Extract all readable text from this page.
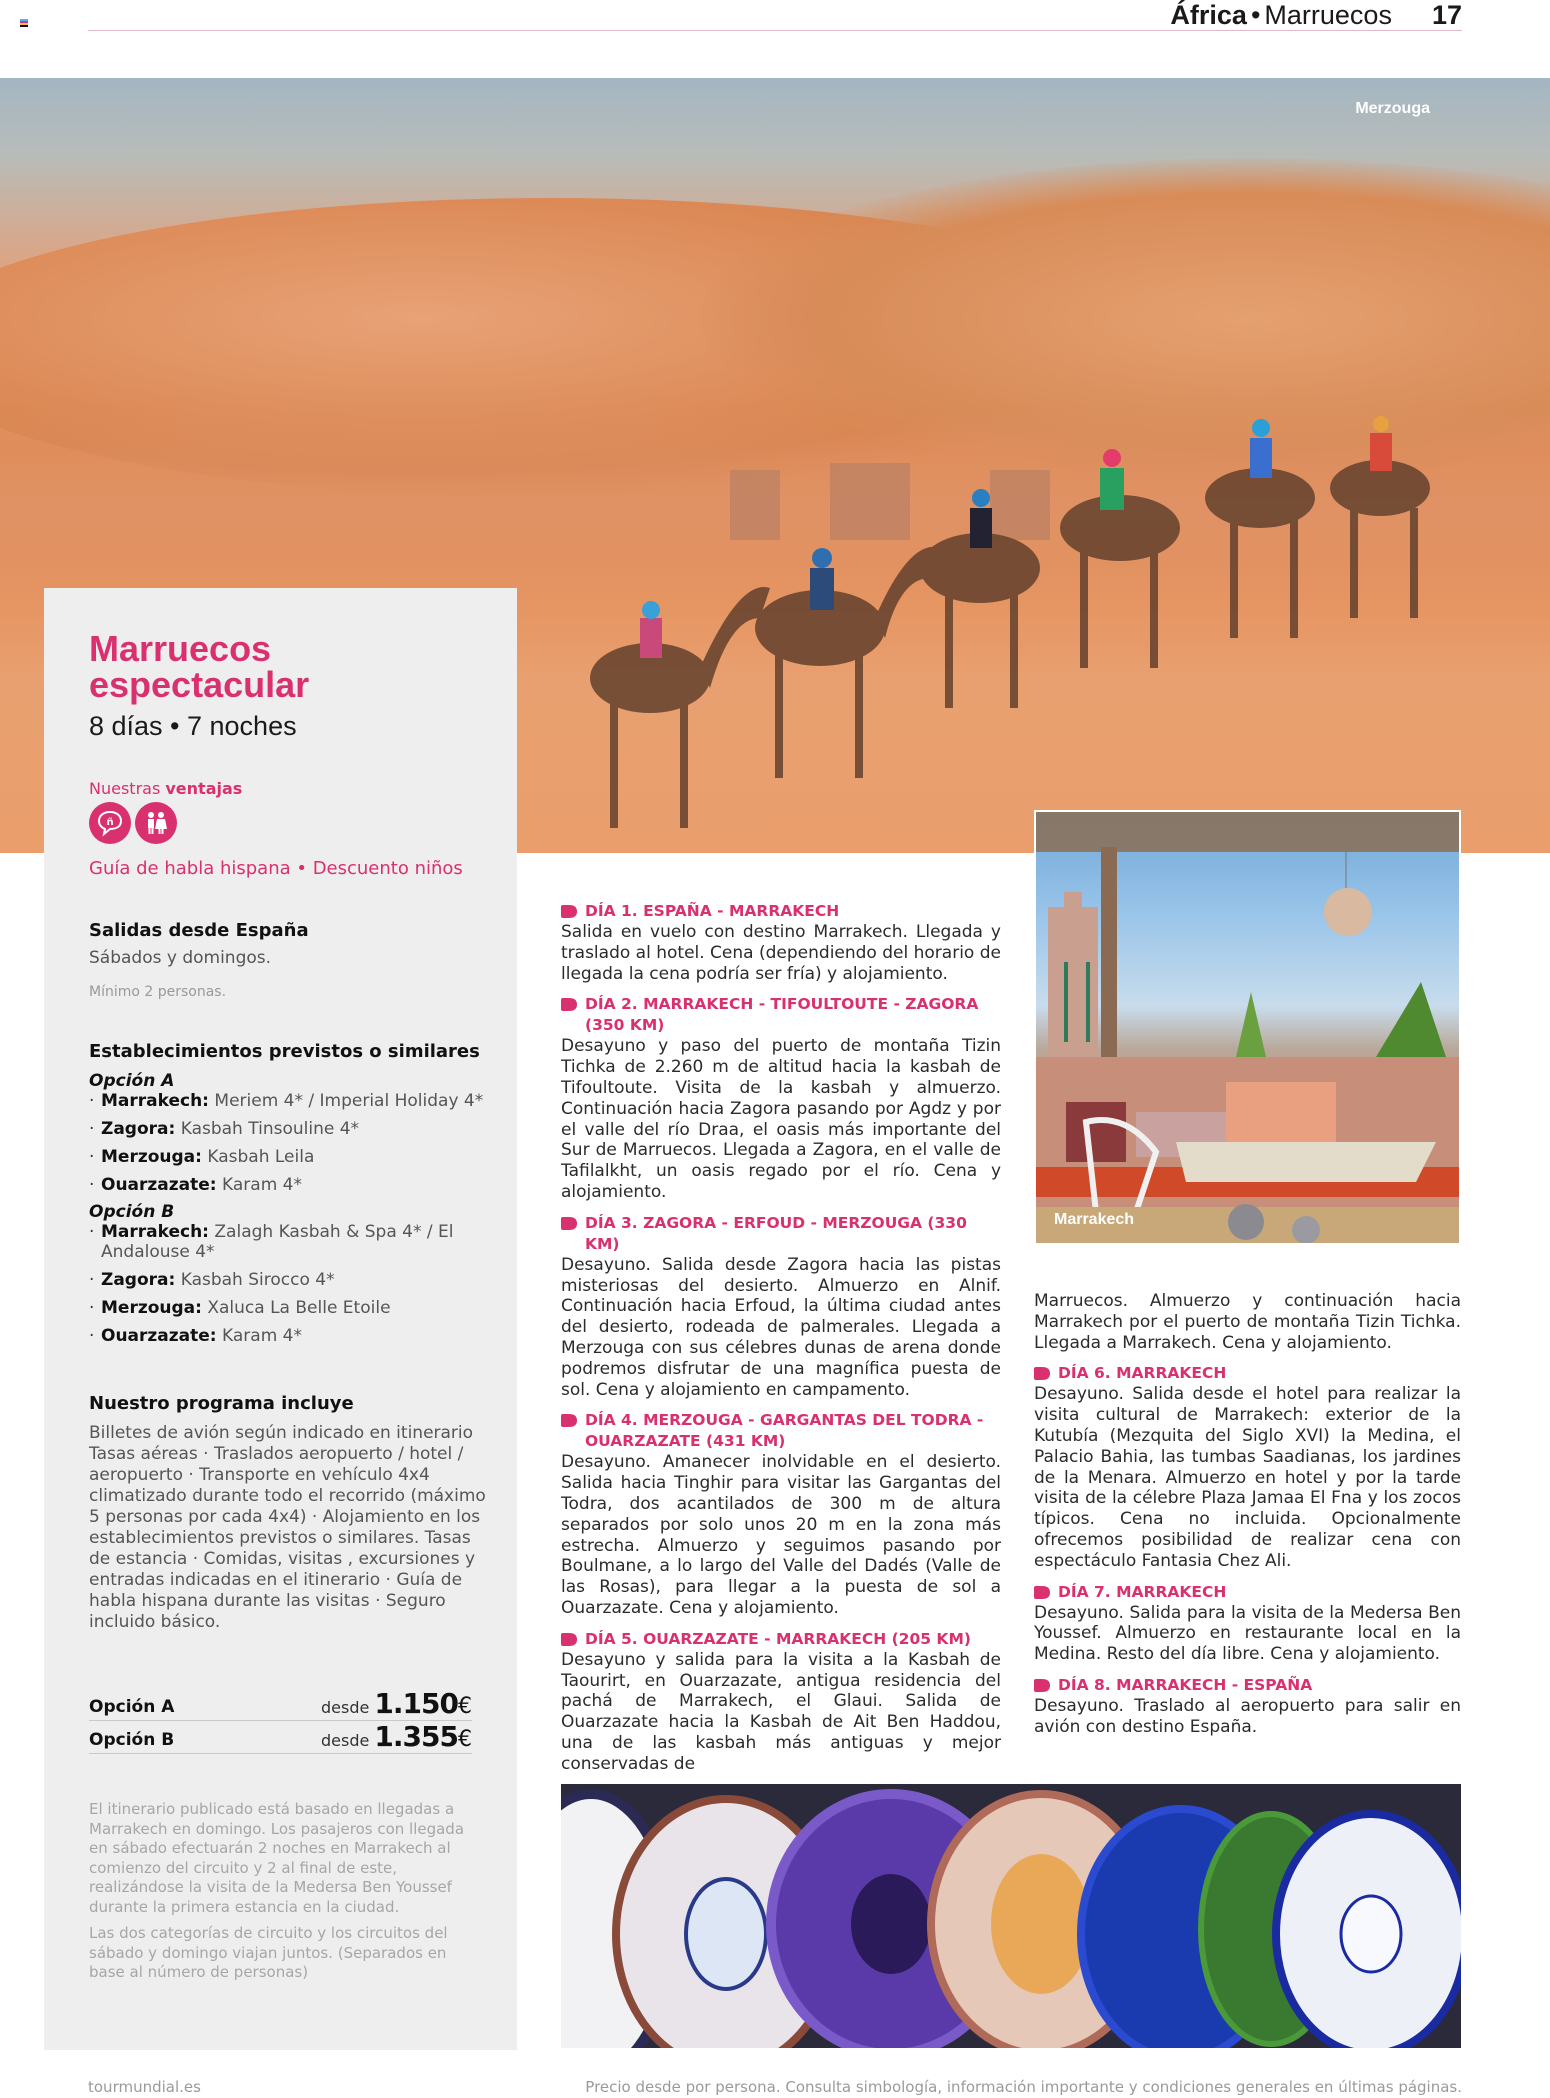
África • Marruecos 17
Merzouga
Marruecos espectacular
8 días • 7 noches
Nuestras ventajas
ñ
Guía de habla hispana • Descuento niños
Salidas desde España
Sábados y domingos.
Mínimo 2 personas.
Establecimientos previstos o similares
Opción A
· Marrakech: Meriem 4* / Imperial Holiday 4*
· Zagora: Kasbah Tinsouline 4*
· Merzouga: Kasbah Leila
· Ouarzazate: Karam 4*
Opción B
· Marrakech: Zalagh Kasbah & Spa 4* / El Andalouse 4*
· Zagora: Kasbah Sirocco 4*
· Merzouga: Xaluca La Belle Etoile
· Ouarzazate: Karam 4*
Nuestro programa incluye
Billetes de avión según indicado en itinerario Tasas aéreas · Traslados aeropuerto / hotel / aeropuerto · Transporte en vehículo 4x4 climatizado durante todo el recorrido (máximo 5 personas por cada 4x4) · Alojamiento en los establecimientos previstos o similares. Tasas de estancia · Comidas, visitas , excursiones y entradas indicadas en el itinerario · Guía de habla hispana durante las visitas · Seguro incluido básico.
Opción A	desde 1.150€
Opción B	desde 1.355€
El itinerario publicado está basado en llegadas a Marrakech en domingo. Los pasajeros con llegada en sábado efectuarán 2 noches en Marrakech al comienzo del circuito y 2 al final de este, realizándose la visita de la Medersa Ben Youssef durante la primera estancia en la ciudad.
Las dos categorías de circuito y los circuitos del sábado y domingo viajan juntos. (Separados en base al número de personas)
DÍA 1. ESPAÑA - MARRAKECH
Salida en vuelo con destino Marrakech. Llegada y traslado al hotel. Cena (dependiendo del horario de llegada la cena podría ser fría) y alojamiento.
DÍA 2. MARRAKECH - TIFOULTOUTE - ZAGORA (350 KM)
Desayuno y paso del puerto de montaña Tizin Tichka de 2.260 m de altitud hacia la kasbah de Tifoultoute. Visita de la kasbah y almuerzo. Continuación hacia Zagora pasando por Agdz y por el valle del río Draa, el oasis más importante del Sur de Marruecos. Llegada a Zagora, en el valle de Tafilalkht, un oasis regado por el río. Cena y alojamiento.
DÍA 3. ZAGORA - ERFOUD - MERZOUGA (330 KM)
Desayuno. Salida desde Zagora hacia las pistas misteriosas del desierto. Almuerzo en Alnif. Continuación hacia Erfoud, la última ciudad antes del desierto, rodeada de palmerales. Llegada a Merzouga con sus célebres dunas de arena donde podremos disfrutar de una magnífica puesta de sol. Cena y alojamiento en campamento.
DÍA 4. MERZOUGA - GARGANTAS DEL TODRA - OUARZAZATE (431 KM)
Desayuno. Amanecer inolvidable en el desierto. Salida hacia Tinghir para visitar las Gargantas del Todra, dos acantilados de 300 m de altura separados por solo unos 20 m en la zona más estrecha. Almuerzo y seguimos pasando por Boulmane, a lo largo del Valle del Dadés (Valle de las Rosas), para llegar a la puesta de sol a Ouarzazate. Cena y alojamiento.
DÍA 5. OUARZAZATE - MARRAKECH (205 KM)
Desayuno y salida para la visita a la Kasbah de Taourirt, en Ouarzazate, antigua residencia del pachá de Marrakech, el Glaui. Salida de Ouarzazate hacia la Kasbah de Ait Ben Haddou, una de las kasbah más antiguas y mejor conservadas de
Marrakech
Marruecos. Almuerzo y continuación hacia Marrakech por el puerto de montaña Tizin Tichka. Llegada a Marrakech. Cena y alojamiento.
DÍA 6. MARRAKECH
Desayuno. Salida desde el hotel para realizar la visita cultural de Marrakech: exterior de la Kutubía (Mezquita del Siglo XVI) la Medina, el Palacio Bahia, las tumbas Saadianas, los jardines de la Menara. Almuerzo en hotel y por la tarde visita de la célebre Plaza Jamaa El Fna y los zocos típicos. Cena no incluida. Opcionalmente ofrecemos posibilidad de realizar cena con espectáculo Fantasia Chez Ali.
DÍA 7. MARRAKECH
Desayuno. Salida para la visita de la Medersa Ben Youssef. Almuerzo en restaurante local en la Medina. Resto del día libre. Cena y alojamiento.
DÍA 8. MARRAKECH - ESPAÑA
Desayuno. Traslado al aeropuerto para salir en avión con destino España.
tourmundial.es	Precio desde por persona. Consulta simbología, información importante y condiciones generales en últimas páginas.
